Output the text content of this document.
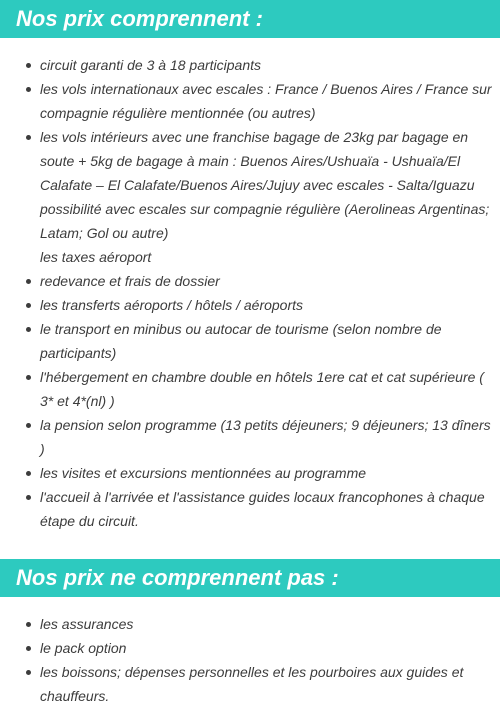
Nos prix comprennent :
circuit garanti de 3 à 18 participants
les vols internationaux avec escales : France / Buenos Aires / France sur compagnie régulière mentionnée (ou autres)
les vols intérieurs avec une franchise bagage de 23kg par bagage en soute + 5kg de bagage à main : Buenos Aires/Ushuaïa - Ushuaïa/El Calafate – El Calafate/Buenos Aires/Jujuy avec escales - Salta/Iguazu possibilité avec escales sur compagnie régulière (Aerolineas Argentinas; Latam; Gol ou autre)
les taxes aéroport
redevance et frais de dossier
les transferts aéroports / hôtels / aéroports
le transport en minibus ou autocar de tourisme (selon nombre de participants)
l'hébergement en chambre double en hôtels 1ere cat et cat supérieure ( 3* et 4*(nl) )
la pension selon programme (13 petits déjeuners; 9 déjeuners; 13 dîners )
les visites et excursions mentionnées au programme
l'accueil à l'arrivée et l'assistance guides locaux francophones à chaque étape du circuit.
Nos prix ne comprennent pas :
les assurances
le pack option
les boissons; dépenses personnelles et les pourboires aux guides et chauffeurs.
